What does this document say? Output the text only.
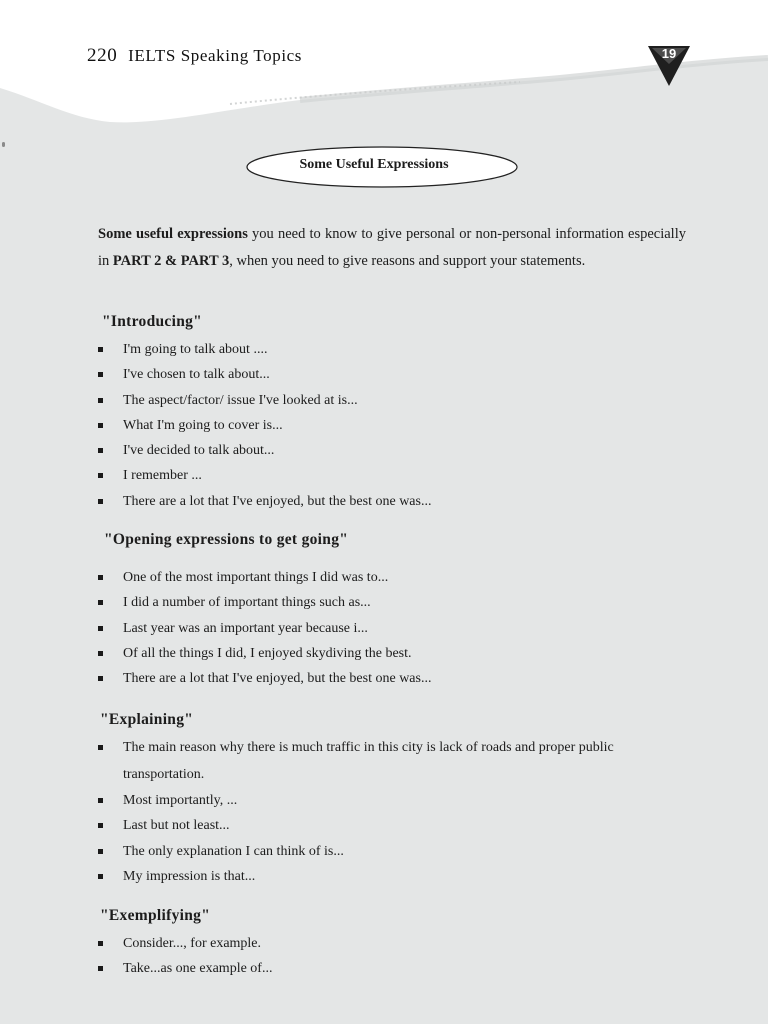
220 IELTS Speaking Topics	19
Some Useful Expressions

Some useful expressions you need to know to give personal or non-personal information especially in PART 2 & PART 3, when you need to give reasons and support your statements.

"Introducing"
I'm going to talk about ....
I've chosen to talk about...
The aspect/factor/ issue I've looked at is...
What I'm going to cover is...
I've decided to talk about...
I remember ...
There are a lot that I've enjoyed, but the best one was...
"Opening expressions to get going"
One of the most important things I did was to...
I did a number of important things such as...
Last year was an important year because i...
Of all the things I did, I enjoyed skydiving the best.
There are a lot that I've enjoyed, but the best one was...
"Explaining"
The main reason why there is much traffic in this city is lack of roads and proper public transportation.
Most importantly, ...
Last but not least...
The only explanation I can think of is...
My impression is that...
"Exemplifying"
Consider..., for example.
Take...as one example of...
